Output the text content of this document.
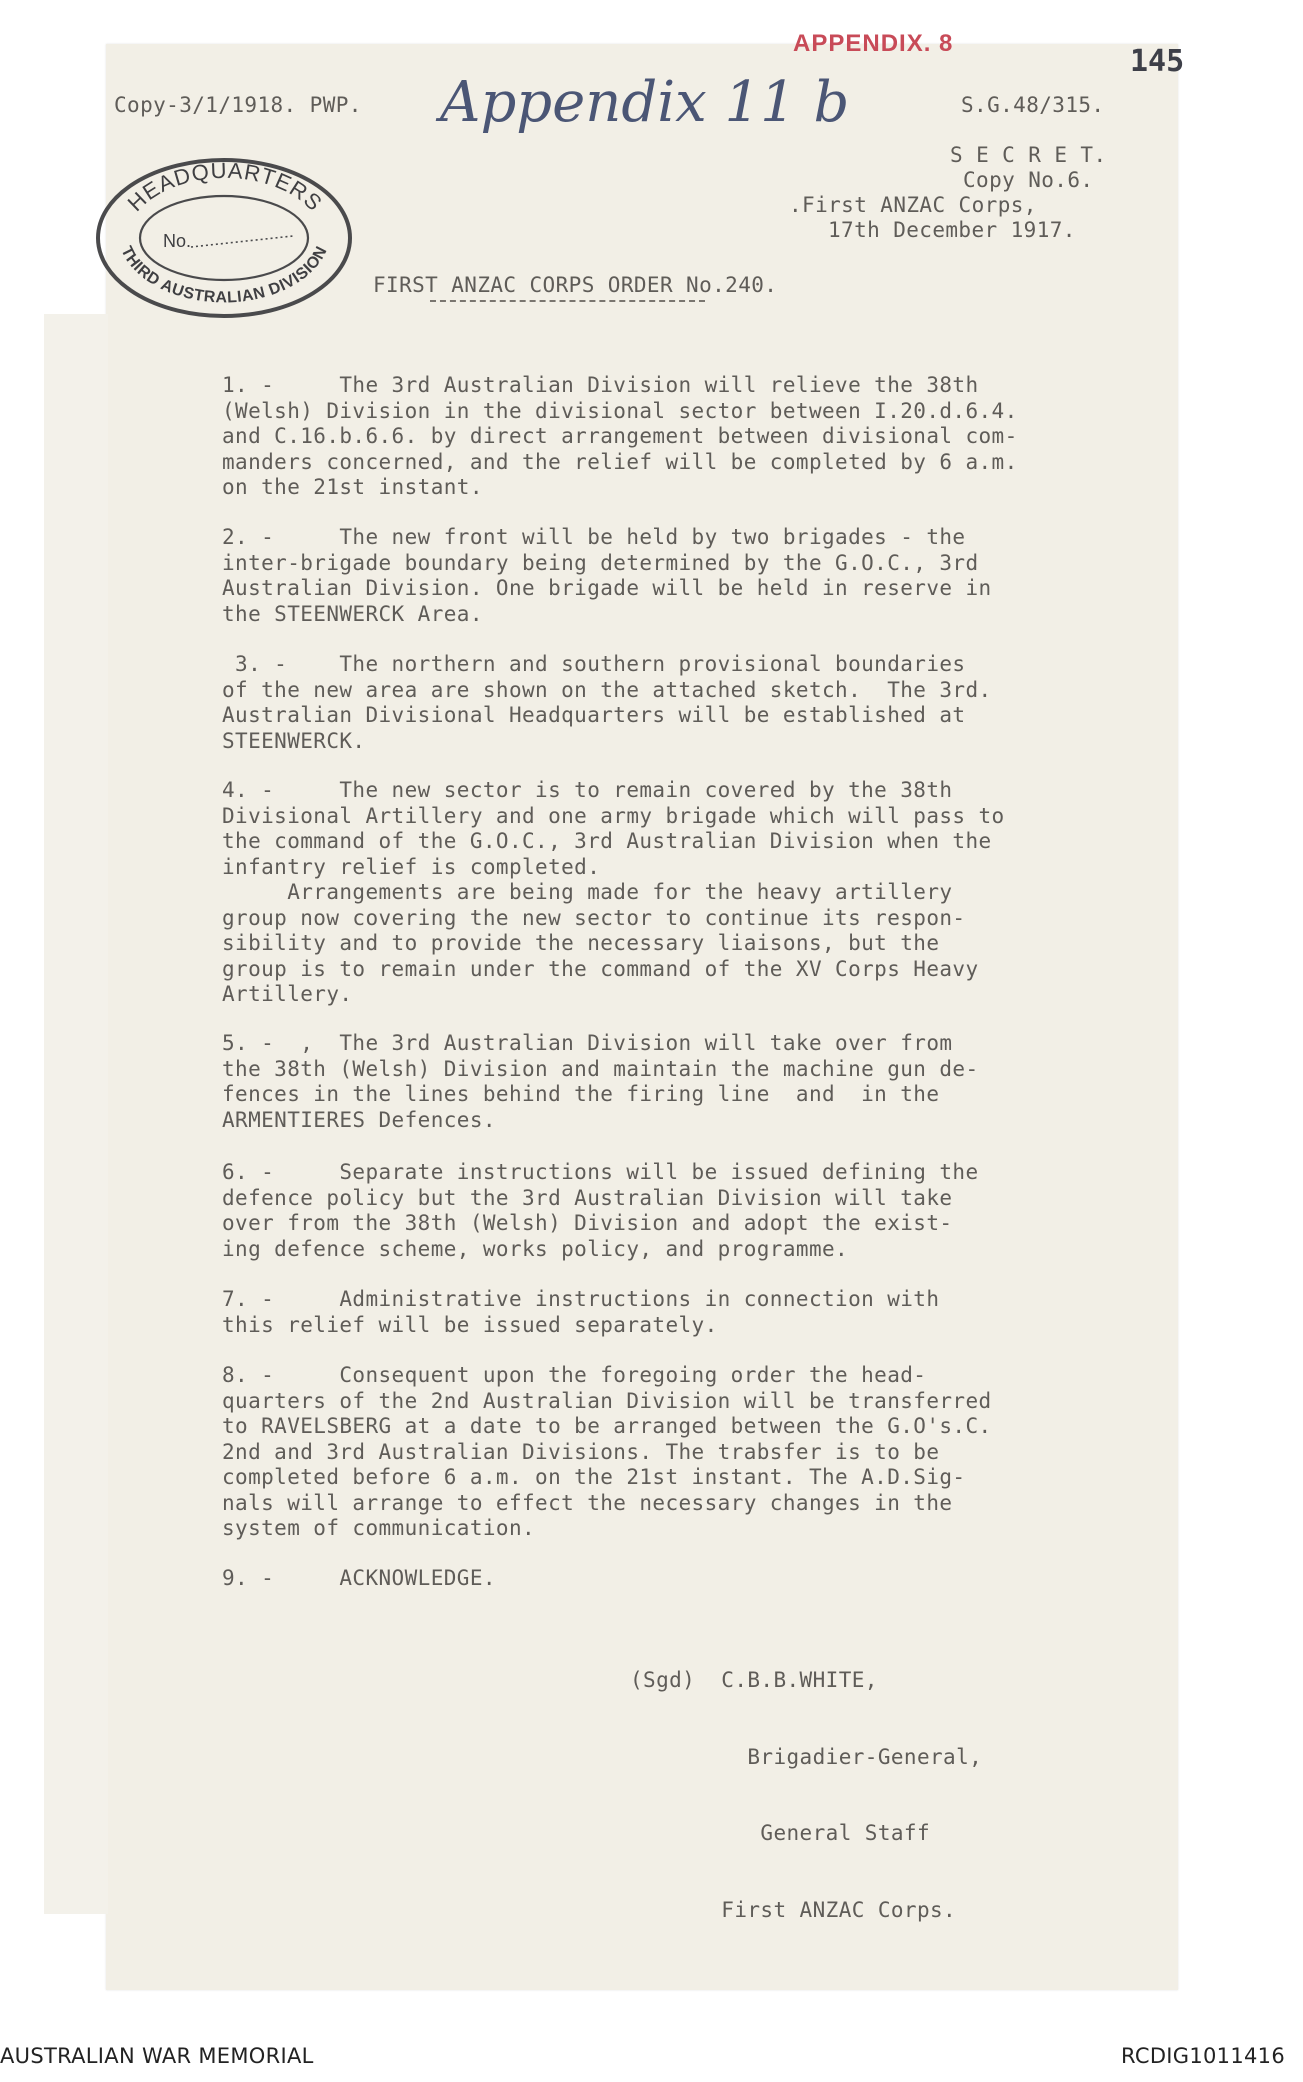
APPENDIX. 8
145
Copy-3/1/1918. PWP. Appendix 11 b	S.G.48/315.
S E C R E T.
Copy No.6.
.First ANZAC Corps,
17th December 1917.
HEADQUARTERS
THIRD AUSTRALIAN DIVISION
No.
FIRST ANZAC CORPS ORDER No.240.
1. -     The 3rd Australian Division will relieve the 38th
(Welsh) Division in the divisional sector between I.20.d.6.4.
and C.16.b.6.6. by direct arrangement between divisional com-
manders concerned, and the relief will be completed by 6 a.m.
on the 21st instant.
2. -     The new front will be held by two brigades - the
inter-brigade boundary being determined by the G.O.C., 3rd
Australian Division. One brigade will be held in reserve in
the STEENWERCK Area.
3. -    The northern and southern provisional boundaries
of the new area are shown on the attached sketch.  The 3rd.
Australian Divisional Headquarters will be established at
STEENWERCK.
4. -     The new sector is to remain covered by the 38th
Divisional Artillery and one army brigade which will pass to
the command of the G.O.C., 3rd Australian Division when the
infantry relief is completed.
Arrangements are being made for the heavy artillery
group now covering the new sector to continue its respon-
sibility and to provide the necessary liaisons, but the
group is to remain under the command of the XV Corps Heavy
Artillery.
5. -  ,  The 3rd Australian Division will take over from
the 38th (Welsh) Division and maintain the machine gun de-
fences in the lines behind the firing line  and  in the
ARMENTIERES Defences.
6. -     Separate instructions will be issued defining the
defence policy but the 3rd Australian Division will take
over from the 38th (Welsh) Division and adopt the exist-
ing defence scheme, works policy, and programme.
7. -     Administrative instructions in connection with
this relief will be issued separately.
8. -     Consequent upon the foregoing order the head-
quarters of the 2nd Australian Division will be transferred
to RAVELSBERG at a date to be arranged between the G.O's.C.
2nd and 3rd Australian Divisions. The trabsfer is to be
completed before 6 a.m. on the 21st instant. The A.D.Sig-
nals will arrange to effect the necessary changes in the
system of communication.
9. -     ACKNOWLEDGE.

(Sgd)  C.B.B.WHITE,

Brigadier-General,

General Staff

First ANZAC Corps.

AUSTRALIAN WAR MEMORIAL	RCDIG1011416
